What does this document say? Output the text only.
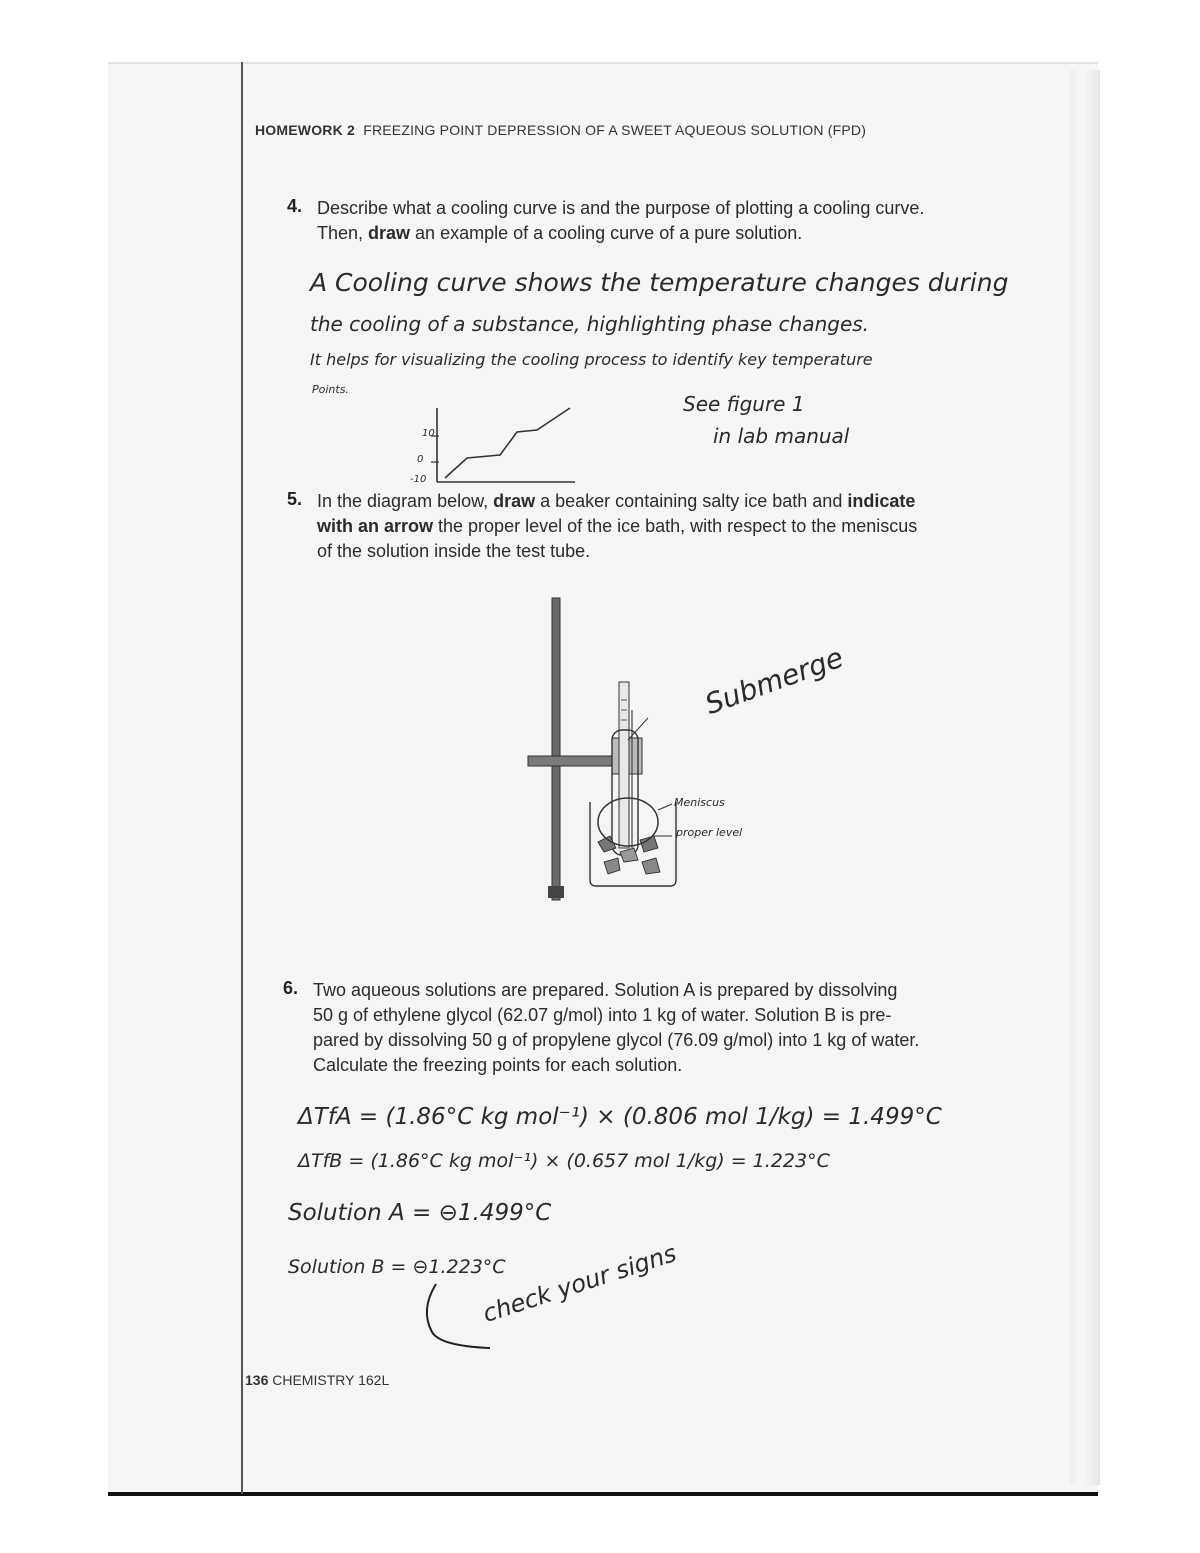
HOMEWORK 2 FREEZING POINT DEPRESSION OF A SWEET AQUEOUS SOLUTION (FPD)
4. Describe what a cooling curve is and the purpose of plotting a cooling curve.
Then, draw an example of a cooling curve of a pure solution.
A Cooling curve shows the temperature changes during
the cooling of a substance, highlighting phase changes.
It helps for visualizing the cooling process to identify key temperature
Points.
10
0
-10
See figure 1
in lab manual
5. In the diagram below, draw a beaker containing salty ice bath and indicate
with an arrow the proper level of the ice bath, with respect to the meniscus
of the solution inside the test tube.
Meniscus
proper level
Submerge
6. Two aqueous solutions are prepared. Solution A is prepared by dissolving
50 g of ethylene glycol (62.07 g/mol) into 1 kg of water. Solution B is pre-
pared by dissolving 50 g of propylene glycol (76.09 g/mol) into 1 kg of water.
Calculate the freezing points for each solution.
ΔTfA = (1.86°C kg mol⁻¹) × (0.806 mol 1/kg) = 1.499°C
ΔTfB = (1.86°C kg mol⁻¹) × (0.657 mol 1/kg) = 1.223°C
Solution A = ⊖1.499°C
Solution B = ⊖1.223°C
check your signs
136 CHEMISTRY 162L
